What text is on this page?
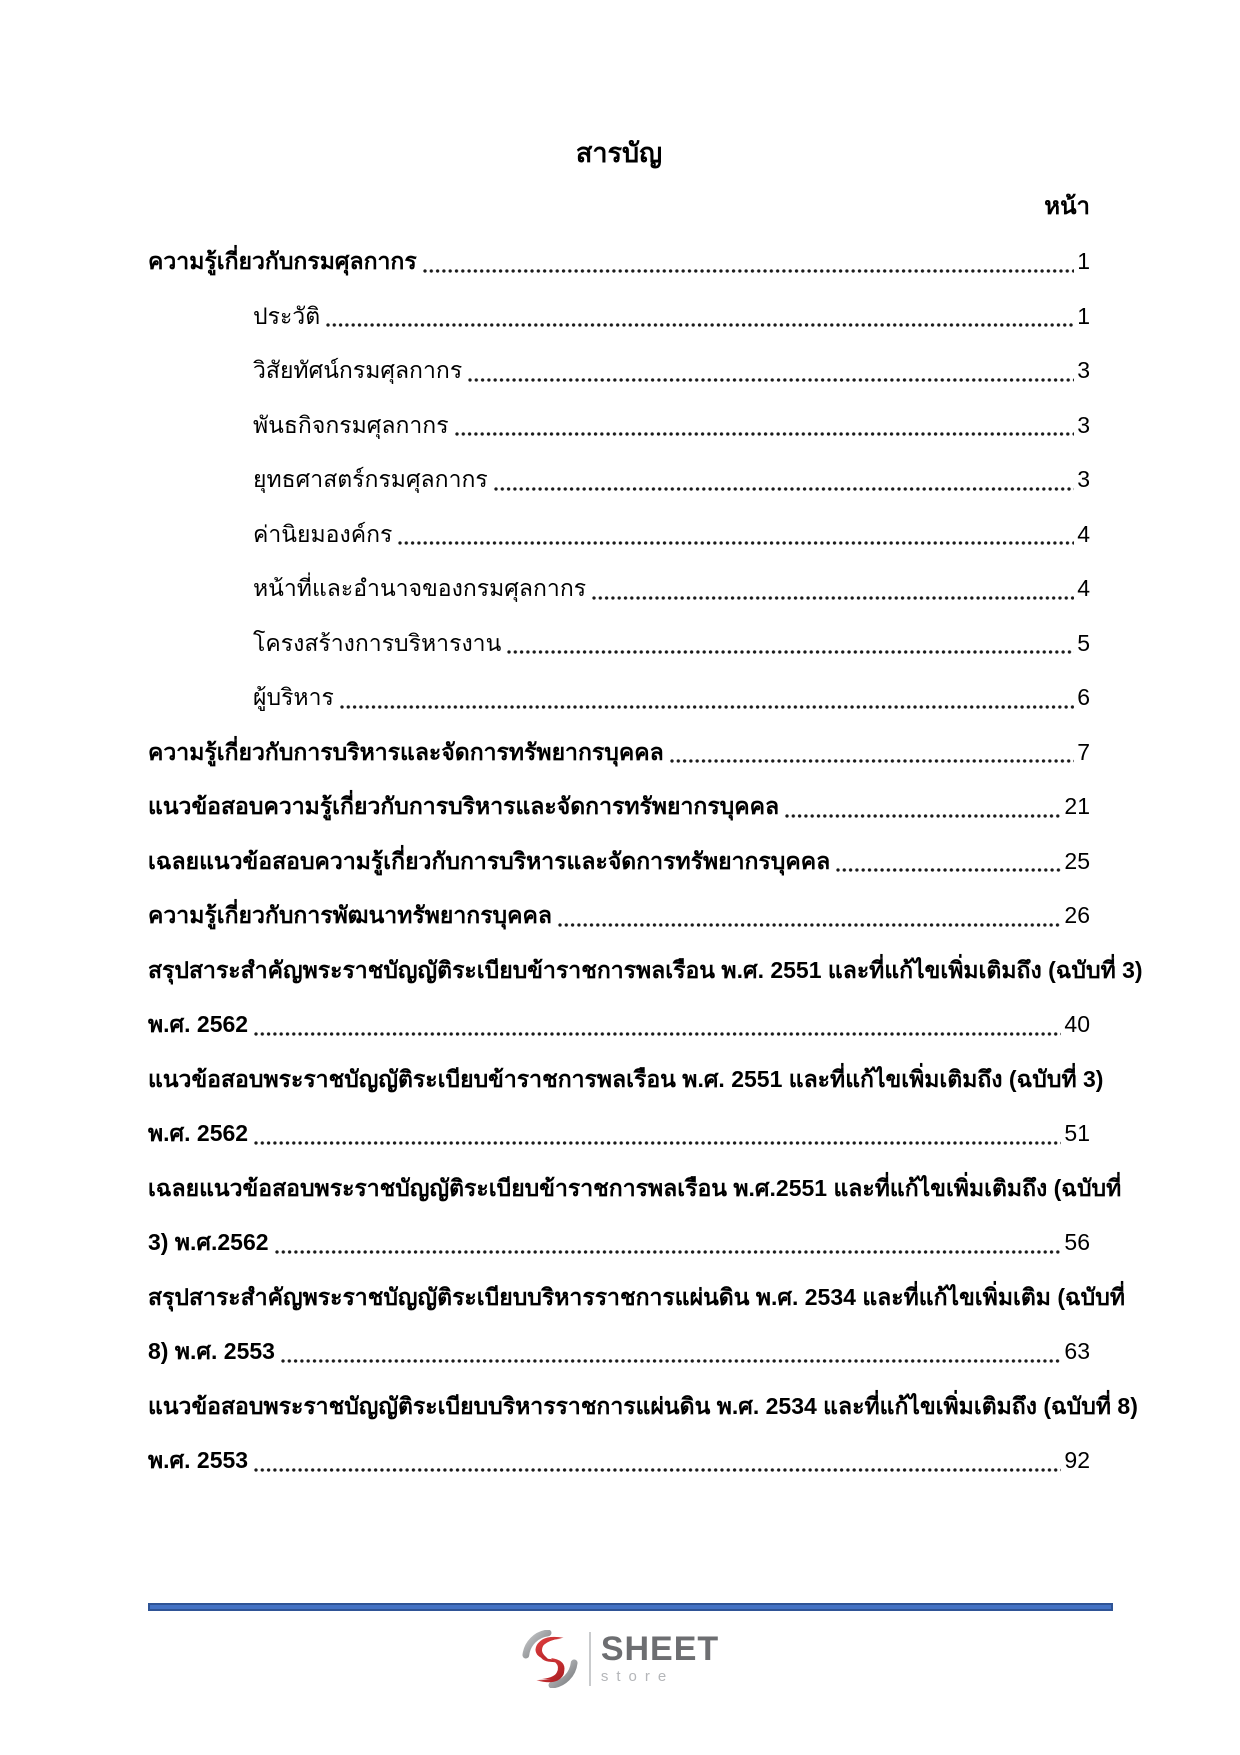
สารบัญ
หน้า
ความรู้เกี่ยวกับกรมศุลกากร	1
ประวัติ	1
วิสัยทัศน์กรมศุลกากร	3
พันธกิจกรมศุลกากร	3
ยุทธศาสตร์กรมศุลกากร	3
ค่านิยมองค์กร	4
หน้าที่และอำนาจของกรมศุลกากร	4
โครงสร้างการบริหารงาน	5
ผู้บริหาร	6
ความรู้เกี่ยวกับการบริหารและจัดการทรัพยากรบุคคล	7
แนวข้อสอบความรู้เกี่ยวกับการบริหารและจัดการทรัพยากรบุคคล	21
เฉลยแนวข้อสอบความรู้เกี่ยวกับการบริหารและจัดการทรัพยากรบุคคล	25
ความรู้เกี่ยวกับการพัฒนาทรัพยากรบุคคล	26
สรุปสาระสำคัญพระราชบัญญัติระเบียบข้าราชการพลเรือน พ.ศ. 2551 และที่แก้ไขเพิ่มเติมถึง (ฉบับที่ 3)
พ.ศ. 2562	40
แนวข้อสอบพระราชบัญญัติระเบียบข้าราชการพลเรือน พ.ศ. 2551 และที่แก้ไขเพิ่มเติมถึง (ฉบับที่ 3)
พ.ศ. 2562	51
เฉลยแนวข้อสอบพระราชบัญญัติระเบียบข้าราชการพลเรือน พ.ศ.2551 และที่แก้ไขเพิ่มเติมถึง (ฉบับที่
3) พ.ศ.2562	56
สรุปสาระสำคัญพระราชบัญญัติระเบียบบริหารราชการแผ่นดิน พ.ศ. 2534 และที่แก้ไขเพิ่มเติม (ฉบับที่
8) พ.ศ. 2553	63
แนวข้อสอบพระราชบัญญัติระเบียบบริหารราชการแผ่นดิน พ.ศ. 2534 และที่แก้ไขเพิ่มเติมถึง (ฉบับที่ 8)
พ.ศ. 2553	92
SHEET
store
